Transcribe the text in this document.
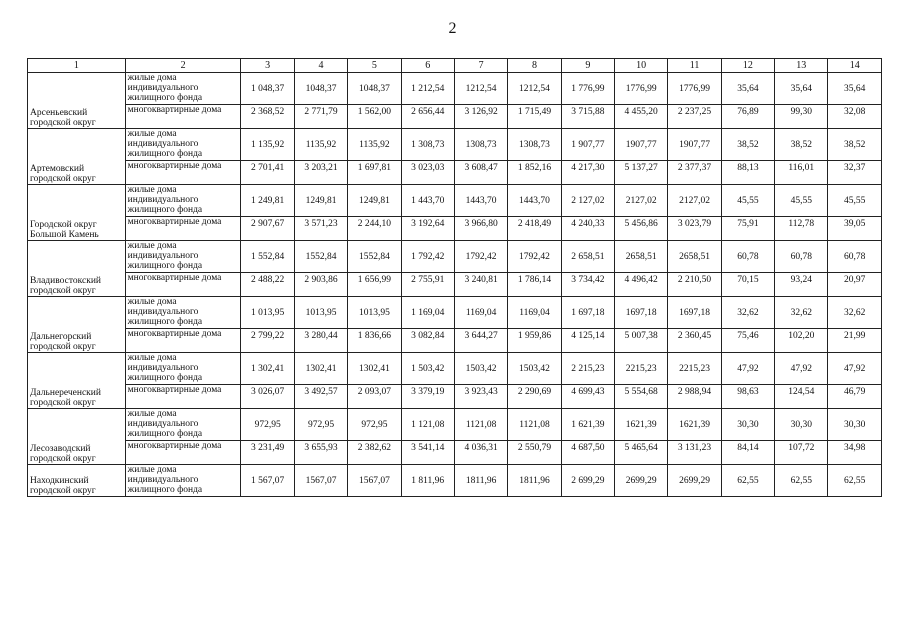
2
1	2	3	4	5	6	7	8	9	10	11	12	13	14
Арсеньевский городской округ	жилые дома индивидуального жилищного фонда	1 048,37	1048,37	1048,37	1 212,54	1212,54	1212,54	1 776,99	1776,99	1776,99	35,64	35,64	35,64
	многоквартирные дома	2 368,52	2 771,79	1 562,00	2 656,44	3 126,92	1 715,49	3 715,88	4 455,20	2 237,25	76,89	99,30	32,08
Артемовский городской округ	жилые дома индивидуального жилищного фонда	1 135,92	1135,92	1135,92	1 308,73	1308,73	1308,73	1 907,77	1907,77	1907,77	38,52	38,52	38,52
	многоквартирные дома	2 701,41	3 203,21	1 697,81	3 023,03	3 608,47	1 852,16	4 217,30	5 137,27	2 377,37	88,13	116,01	32,37
Городской округ Большой Камень	жилые дома индивидуального жилищного фонда	1 249,81	1249,81	1249,81	1 443,70	1443,70	1443,70	2 127,02	2127,02	2127,02	45,55	45,55	45,55
	многоквартирные дома	2 907,67	3 571,23	2 244,10	3 192,64	3 966,80	2 418,49	4 240,33	5 456,86	3 023,79	75,91	112,78	39,05
Владивостокский городской округ	жилые дома индивидуального жилищного фонда	1 552,84	1552,84	1552,84	1 792,42	1792,42	1792,42	2 658,51	2658,51	2658,51	60,78	60,78	60,78
	многоквартирные дома	2 488,22	2 903,86	1 656,99	2 755,91	3 240,81	1 786,14	3 734,42	4 496,42	2 210,50	70,15	93,24	20,97
Дальнегорский городской округ	жилые дома индивидуального жилищного фонда	1 013,95	1013,95	1013,95	1 169,04	1169,04	1169,04	1 697,18	1697,18	1697,18	32,62	32,62	32,62
	многоквартирные дома	2 799,22	3 280,44	1 836,66	3 082,84	3 644,27	1 959,86	4 125,14	5 007,38	2 360,45	75,46	102,20	21,99
Дальнереченский городской округ	жилые дома индивидуального жилищного фонда	1 302,41	1302,41	1302,41	1 503,42	1503,42	1503,42	2 215,23	2215,23	2215,23	47,92	47,92	47,92
	многоквартирные дома	3 026,07	3 492,57	2 093,07	3 379,19	3 923,43	2 290,69	4 699,43	5 554,68	2 988,94	98,63	124,54	46,79
Лесозаводский городской округ	жилые дома индивидуального жилищного фонда	972,95	972,95	972,95	1 121,08	1121,08	1121,08	1 621,39	1621,39	1621,39	30,30	30,30	30,30
	многоквартирные дома	3 231,49	3 655,93	2 382,62	3 541,14	4 036,31	2 550,79	4 687,50	5 465,64	3 131,23	84,14	107,72	34,98
Находкинский городской округ	жилые дома индивидуального жилищного фонда	1 567,07	1567,07	1567,07	1 811,96	1811,96	1811,96	2 699,29	2699,29	2699,29	62,55	62,55	62,55
